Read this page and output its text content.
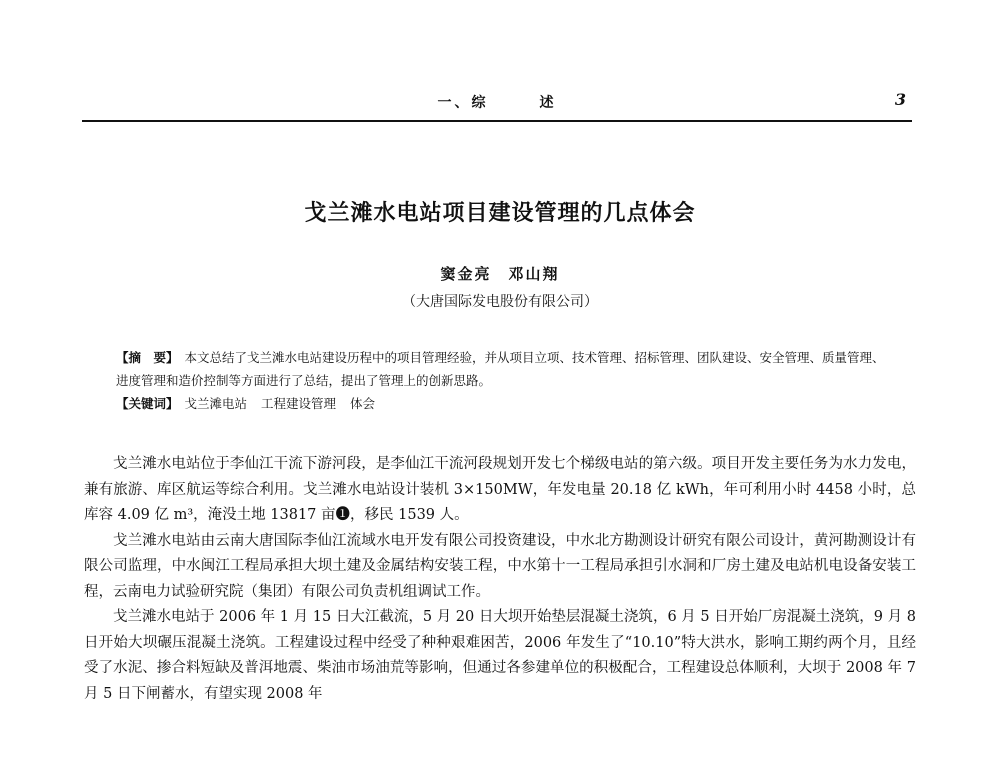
一、综　　　述	3
戈兰滩水电站项目建设管理的几点体会
窦金亮　邓山翔
（大唐国际发电股份有限公司）
【摘　要】 本文总结了戈兰滩水电站建设历程中的项目管理经验，并从项目立项、技术管理、招标管理、团队建设、安全管理、质量管理、进度管理和造价控制等方面进行了总结，提出了管理上的创新思路。
【关键词】 戈兰滩电站 工程建设管理 体会

戈兰滩水电站位于李仙江干流下游河段，是李仙江干流河段规划开发七个梯级电站的第六级。项目开发主要任务为水力发电，兼有旅游、库区航运等综合利用。戈兰滩水电站设计装机 3×150MW，年发电量 20.18 亿 kWh，年可利用小时 4458 小时，总库容 4.09 亿 m³，淹没土地 13817 亩❶，移民 1539 人。

戈兰滩水电站由云南大唐国际李仙江流域水电开发有限公司投资建设，中水北方勘测设计研究有限公司设计，黄河勘测设计有限公司监理，中水闽江工程局承担大坝土建及金属结构安装工程，中水第十一工程局承担引水洞和厂房土建及电站机电设备安装工程，云南电力试验研究院（集团）有限公司负责机组调试工作。

戈兰滩水电站于 2006 年 1 月 15 日大江截流，5 月 20 日大坝开始垫层混凝土浇筑，6 月 5 日开始厂房混凝土浇筑，9 月 8 日开始大坝碾压混凝土浇筑。工程建设过程中经受了种种艰难困苦，2006 年发生了“10.10”特大洪水，影响工期约两个月，且经受了水泥、掺合料短缺及普洱地震、柴油市场油荒等影响，但通过各参建单位的积极配合，工程建设总体顺利，大坝于 2008 年 7 月 5 日下闸蓄水，有望实现 2008 年
